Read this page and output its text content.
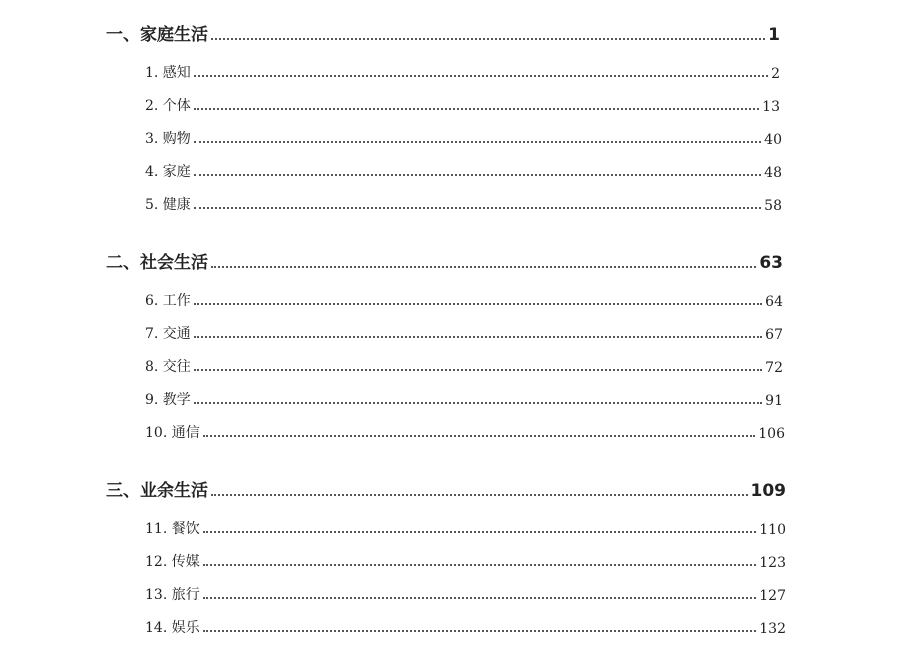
一、家庭生活	1
1. 感知	2
2. 个体	13
3. 购物	40
4. 家庭	48
5. 健康	58
二、社会生活	63
6. 工作	64
7. 交通	67
8. 交往	72
9. 教学	91
10. 通信	106
三、业余生活	109
11. 餐饮	110
12. 传媒	123
13. 旅行	127
14. 娱乐	132
